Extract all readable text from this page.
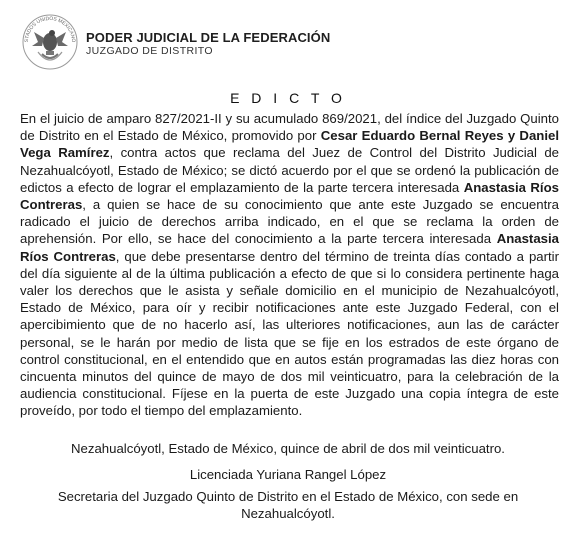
STADOS UNIDOS MEXICANO PODER JUDICIAL DE LA FEDERACIÓN
JUZGADO DE DISTRITO
E D I C T O
En el juicio de amparo 827/2021-II y su acumulado 869/2021, del índice del Juzgado Quinto de Distrito en el Estado de México, promovido por Cesar Eduardo Bernal Reyes y Daniel Vega Ramírez, contra actos que reclama del Juez de Control del Distrito Judicial de Nezahualcóyotl, Estado de México; se dictó acuerdo por el que se ordenó la publicación de edictos a efecto de lograr el emplazamiento de la parte tercera interesada Anastasia Ríos Contreras, a quien se hace de su conocimiento que ante este Juzgado se encuentra radicado el juicio de derechos arriba indicado, en el que se reclama la orden de aprehensión. Por ello, se hace del conocimiento a la parte tercera interesada Anastasia Ríos Contreras, que debe presentarse dentro del término de treinta días contado a partir del día siguiente al de la última publicación a efecto de que si lo considera pertinente haga valer los derechos que le asista y señale domicilio en el municipio de Nezahualcóyotl, Estado de México, para oír y recibir notificaciones ante este Juzgado Federal, con el apercibimiento que de no hacerlo así, las ulteriores notificaciones, aun las de carácter personal, se le harán por medio de lista que se fije en los estrados de este órgano de control constitucional, en el entendido que en autos están programadas las diez horas con cincuenta minutos del quince de mayo de dos mil veinticuatro, para la celebración de la audiencia constitucional. Fíjese en la puerta de este Juzgado una copia íntegra de este proveído, por todo el tiempo del emplazamiento.
Nezahualcóyotl, Estado de México, quince de abril de dos mil veinticuatro.
Licenciada Yuriana Rangel López
Secretaria del Juzgado Quinto de Distrito en el Estado de México, con sede en Nezahualcóyotl.
